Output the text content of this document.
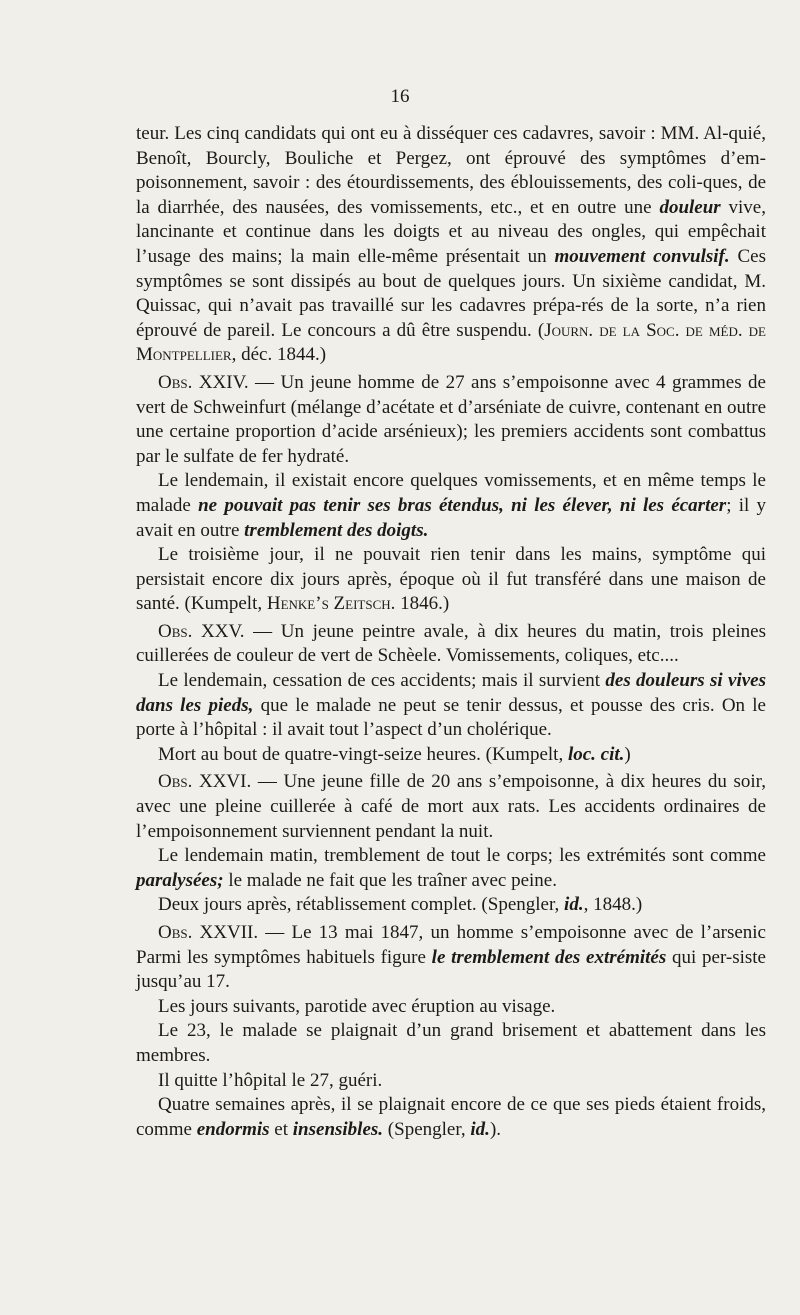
16

teur. Les cinq candidats qui ont eu à disséquer ces cadavres, savoir : MM. Al-quié, Benoît, Bourcly, Bouliche et Pergez, ont éprouvé des symptômes d’em-poisonnement, savoir : des étourdissements, des éblouissements, des coli-ques, de la diarrhée, des nausées, des vomissements, etc., et en outre une douleur vive, lancinante et continue dans les doigts et au niveau des ongles, qui empêchait l’usage des mains; la main elle-même présentait un mouvement convulsif. Ces symptômes se sont dissipés au bout de quelques jours. Un sixième candidat, M. Quissac, qui n’avait pas travaillé sur les cadavres prépa-rés de la sorte, n’a rien éprouvé de pareil. Le concours a dû être suspendu. (Journ. de la Soc. de méd. de Montpellier, déc. 1844.)

Obs. XXIV. — Un jeune homme de 27 ans s’empoisonne avec 4 grammes de vert de Schweinfurt (mélange d’acétate et d’arséniate de cuivre, contenant en outre une certaine proportion d’acide arsénieux); les premiers accidents sont combattus par le sulfate de fer hydraté.

Le lendemain, il existait encore quelques vomissements, et en même temps le malade ne pouvait pas tenir ses bras étendus, ni les élever, ni les écarter; il y avait en outre tremblement des doigts.

Le troisième jour, il ne pouvait rien tenir dans les mains, symptôme qui persistait encore dix jours après, époque où il fut transféré dans une maison de santé. (Kumpelt, Henke’s Zeitsch. 1846.)

Obs. XXV. — Un jeune peintre avale, à dix heures du matin, trois pleines cuillerées de couleur de vert de Schèele. Vomissements, coliques, etc....

Le lendemain, cessation de ces accidents; mais il survient des douleurs si vives dans les pieds, que le malade ne peut se tenir dessus, et pousse des cris. On le porte à l’hôpital : il avait tout l’aspect d’un cholérique.

Mort au bout de quatre-vingt-seize heures. (Kumpelt, loc. cit.)

Obs. XXVI. — Une jeune fille de 20 ans s’empoisonne, à dix heures du soir, avec une pleine cuillerée à café de mort aux rats. Les accidents ordinaires de l’empoisonnement surviennent pendant la nuit.

Le lendemain matin, tremblement de tout le corps; les extrémités sont comme paralysées; le malade ne fait que les traîner avec peine.

Deux jours après, rétablissement complet. (Spengler, id., 1848.)

Obs. XXVII. — Le 13 mai 1847, un homme s’empoisonne avec de l’arsenic Parmi les symptômes habituels figure le tremblement des extrémités qui per-siste jusqu’au 17.

Les jours suivants, parotide avec éruption au visage.

Le 23, le malade se plaignait d’un grand brisement et abattement dans les membres.

Il quitte l’hôpital le 27, guéri.

Quatre semaines après, il se plaignait encore de ce que ses pieds étaient froids, comme endormis et insensibles. (Spengler, id.).
